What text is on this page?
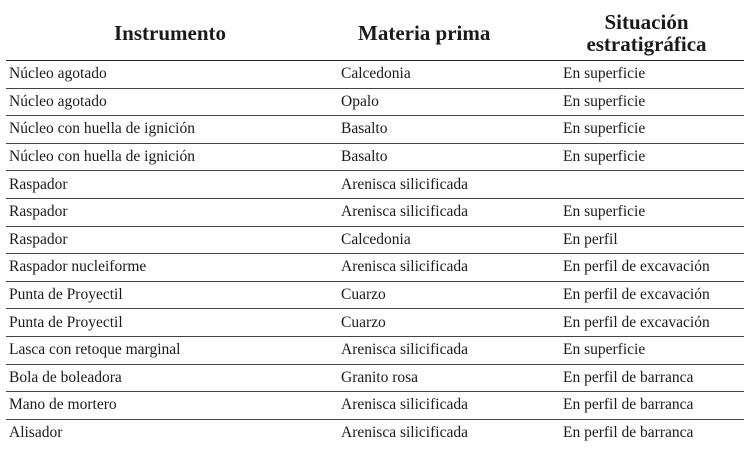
Instrumento	Materia prima	Situación
estratigráfica
Núcleo agotado	Calcedonia	En superficie
Núcleo agotado	Opalo	En superficie
Núcleo con huella de ignición	Basalto	En superficie
Núcleo con huella de ignición	Basalto	En superficie
Raspador	Arenisca silicificada	
Raspador	Arenisca silicificada	En superficie
Raspador	Calcedonia	En perfil
Raspador nucleiforme	Arenisca silicificada	En perfil de excavación
Punta de Proyectil	Cuarzo	En perfil de excavación
Punta de Proyectil	Cuarzo	En perfil de excavación
Lasca con retoque marginal	Arenisca silicificada	En superficie
Bola de boleadora	Granito rosa	En perfil de barranca
Mano de mortero	Arenisca silicificada	En perfil de barranca
Alisador	Arenisca silicificada	En perfil de barranca
